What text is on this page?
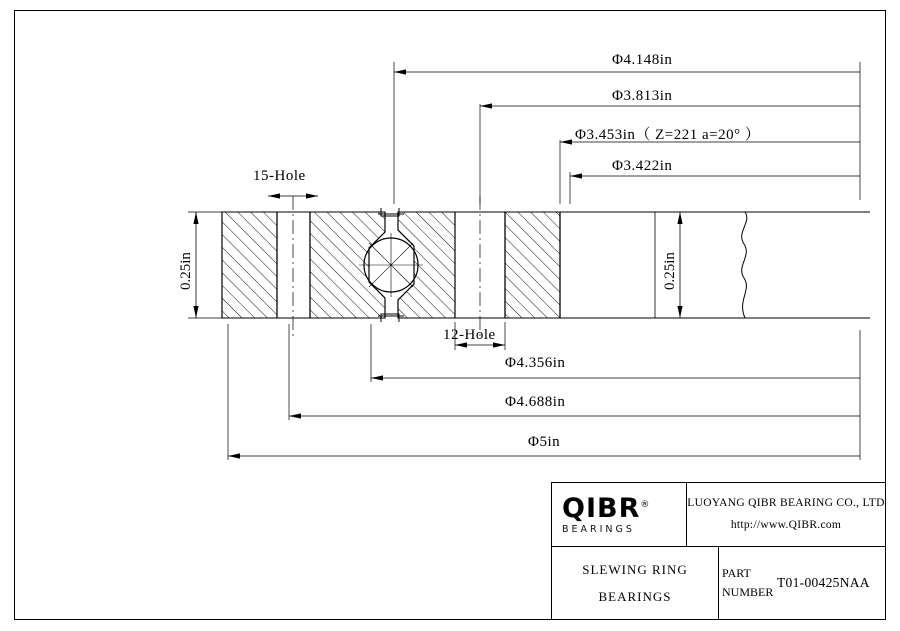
Φ4.148in
Φ3.813in
Φ3.453in（ Z=221 a=20° ）
Φ3.422in
15-Hole
12-Hole
Φ4.356in
Φ4.688in
Φ5in
0.25in	0.25in
QIBR®
BEARINGS
LUOYANG QIBR BEARING CO., LTD
http://www.QIBR.com
SLEWING RING
BEARINGS
PART
NUMBER
T01-00425NAA
